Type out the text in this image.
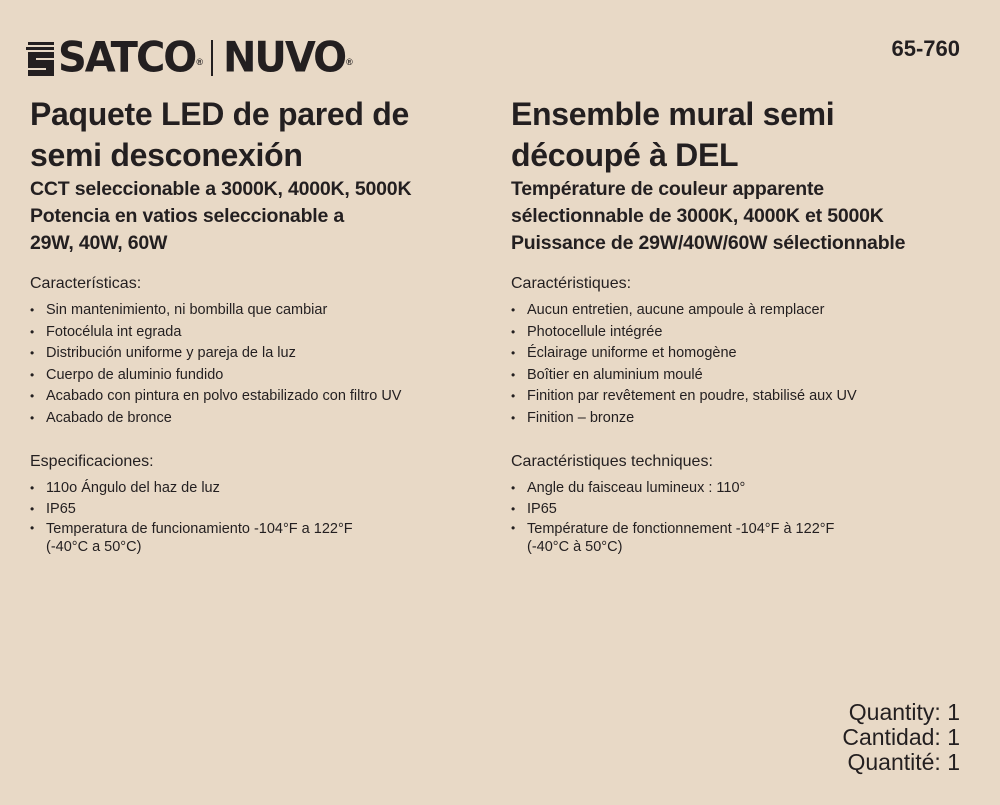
SATCO ® NUVO ®
65-760
Paquete LED de pared de
semi desconexión

CCT seleccionable a 3000K, 4000K, 5000K
Potencia en vatios seleccionable a
29W, 40W, 60W

Características:

• Sin mantenimiento, ni bombilla que cambiar
• Fotocélula int egrada
• Distribución uniforme y pareja de la luz
• Cuerpo de aluminio fundido
• Acabado con pintura en polvo estabilizado con filtro UV
• Acabado de bronce

Especificaciones:

• 110o Ángulo del haz de luz
• IP65
• Temperatura de funcionamiento -104°F a 122°F
(-40°C a 50°C)
Ensemble mural semi
découpé à DEL

Température de couleur apparente
sélectionnable de 3000K, 4000K et 5000K
Puissance de 29W/40W/60W sélectionnable

Caractéristiques:

• Aucun entretien, aucune ampoule à remplacer
• Photocellule intégrée
• Éclairage uniforme et homogène
• Boîtier en aluminium moulé
• Finition par revêtement en poudre, stabilisé aux UV
• Finition – bronze

Caractéristiques techniques:

• Angle du faisceau lumineux : 110°
• IP65
• Température de fonctionnement -104°F à 122°F
(-40°C à 50°C)
Quantity: 1
Cantidad: 1
Quantité: 1
